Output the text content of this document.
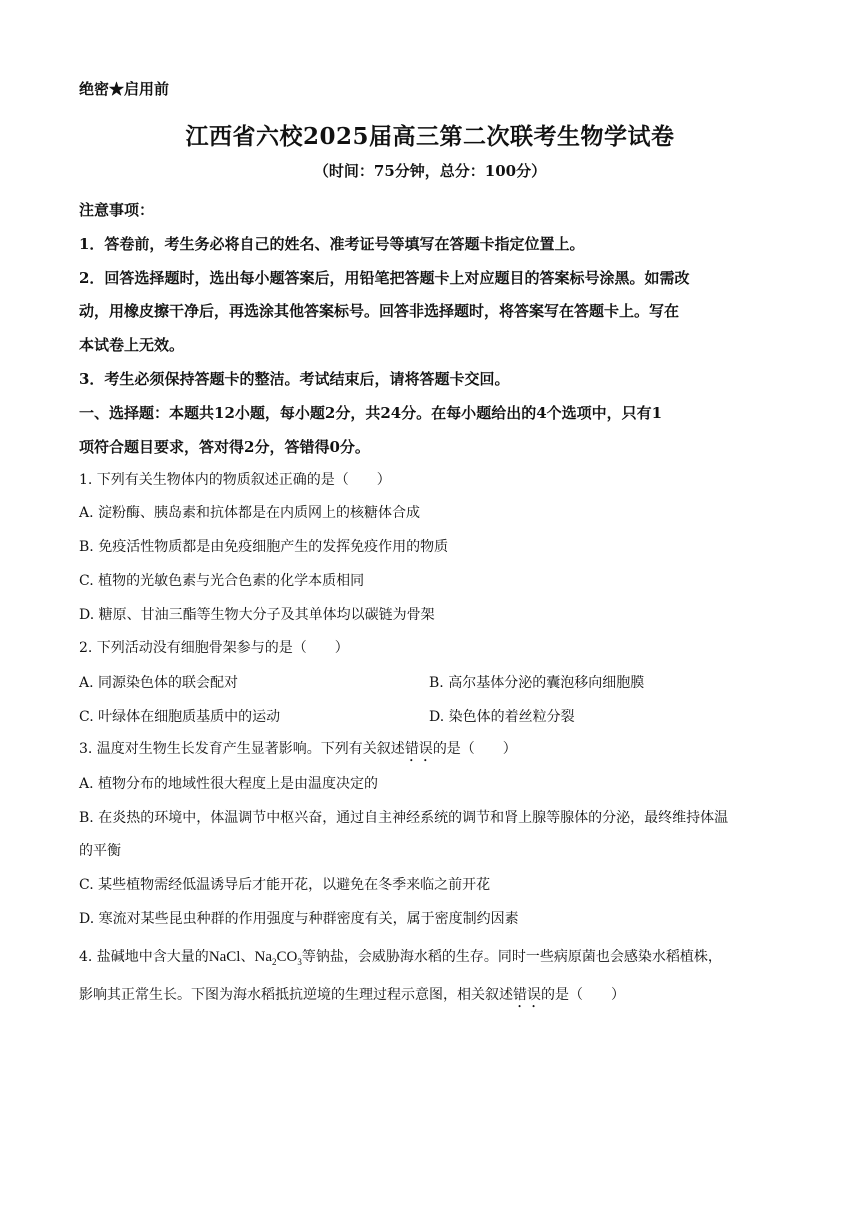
绝密★启用前
江西省六校2025届高三第二次联考生物学试卷
（时间：75分钟，总分：100分）
注意事项：
1．答卷前，考生务必将自己的姓名、准考证号等填写在答题卡指定位置上。
2．回答选择题时，选出每小题答案后，用铅笔把答题卡上对应题目的答案标号涂黑。如需改
动，用橡皮擦干净后，再选涂其他答案标号。回答非选择题时，将答案写在答题卡上。写在
本试卷上无效。
3．考生必须保持答题卡的整洁。考试结束后，请将答题卡交回。
一、选择题：本题共12小题，每小题2分，共24分。在每小题给出的4个选项中，只有1
项符合题目要求，答对得2分，答错得0分。
1. 下列有关生物体内的物质叙述正确的是（　　）
A. 淀粉酶、胰岛素和抗体都是在内质网上的核糖体合成
B. 免疫活性物质都是由免疫细胞产生的发挥免疫作用的物质
C. 植物的光敏色素与光合色素的化学本质相同
D. 糖原、甘油三酯等生物大分子及其单体均以碳链为骨架
2. 下列活动没有细胞骨架参与的是（　　）
A. 同源染色体的联会配对	B. 高尔基体分泌的囊泡移向细胞膜
C. 叶绿体在细胞质基质中的运动	D. 染色体的着丝粒分裂
3. 温度对生物生长发育产生显著影响。下列有关叙述错误的是（　　）
A. 植物分布的地域性很大程度上是由温度决定的
B. 在炎热的环境中，体温调节中枢兴奋，通过自主神经系统的调节和肾上腺等腺体的分泌，最终维持体温
的平衡
C. 某些植物需经低温诱导后才能开花，以避免在冬季来临之前开花
D. 寒流对某些昆虫种群的作用强度与种群密度有关，属于密度制约因素
4. 盐碱地中含大量的NaCl、$Na_2CO_3$等钠盐，会威胁海水稻的生存。同时一些病原菌也会感染水稻植株，
影响其正常生长。下图为海水稻抵抗逆境的生理过程示意图，相关叙述错误的是（　　）
